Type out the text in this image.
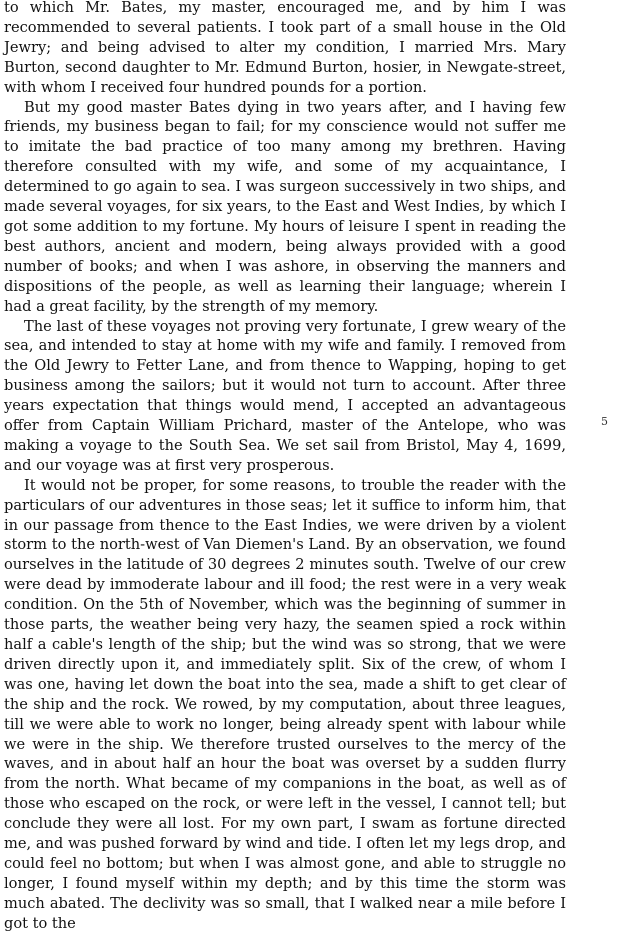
to which Mr. Bates, my master, encouraged me, and by him I was recommended to several patients. I took part of a small house in the Old Jewry; and being advised to alter my condition, I married Mrs. Mary Burton, second daughter to Mr. Edmund Burton, hosier, in Newgate-street, with whom I received four hundred pounds for a portion.

But my good master Bates dying in two years after, and I having few friends, my business began to fail; for my conscience would not suffer me to imitate the bad practice of too many among my brethren. Having therefore consulted with my wife, and some of my acquaintance, I determined to go again to sea. I was surgeon successively in two ships, and made several voyages, for six years, to the East and West Indies, by which I got some addition to my fortune. My hours of leisure I spent in reading the best authors, ancient and modern, being always provided with a good number of books; and when I was ashore, in observing the manners and dispositions of the people, as well as learning their language; wherein I had a great facility, by the strength of my memory.

The last of these voyages not proving very fortunate, I grew weary of the sea, and intended to stay at home with my wife and family. I removed from the Old Jewry to Fetter Lane, and from thence to Wapping, hoping to get business among the sailors; but it would not turn to account. After three years expectation that things would mend, I accepted an advantageous offer from Captain William Prichard, master of the Antelope, who was making a voyage to the South Sea. We set sail from Bristol, May 4, 1699, and our voyage was at first very prosperous.

It would not be proper, for some reasons, to trouble the reader with the particulars of our adventures in those seas; let it suffice to inform him, that in our passage from thence to the East Indies, we were driven by a violent storm to the north-west of Van Diemen's Land. By an observation, we found ourselves in the latitude of 30 degrees 2 minutes south. Twelve of our crew were dead by immoderate labour and ill food; the rest were in a very weak condition. On the 5th of November, which was the beginning of summer in those parts, the weather being very hazy, the seamen spied a rock within half a cable's length of the ship; but the wind was so strong, that we were driven directly upon it, and immediately split. Six of the crew, of whom I was one, having let down the boat into the sea, made a shift to get clear of the ship and the rock. We rowed, by my computation, about three leagues, till we were able to work no longer, being already spent with labour while we were in the ship. We therefore trusted ourselves to the mercy of the waves, and in about half an hour the boat was overset by a sudden flurry from the north. What became of my companions in the boat, as well as of those who escaped on the rock, or were left in the vessel, I cannot tell; but conclude they were all lost. For my own part, I swam as fortune directed me, and was pushed forward by wind and tide. I often let my legs drop, and could feel no bottom; but when I was almost gone, and able to struggle no longer, I found myself within my depth; and by this time the storm was much abated. The declivity was so small, that I walked near a mile before I got to the

5
